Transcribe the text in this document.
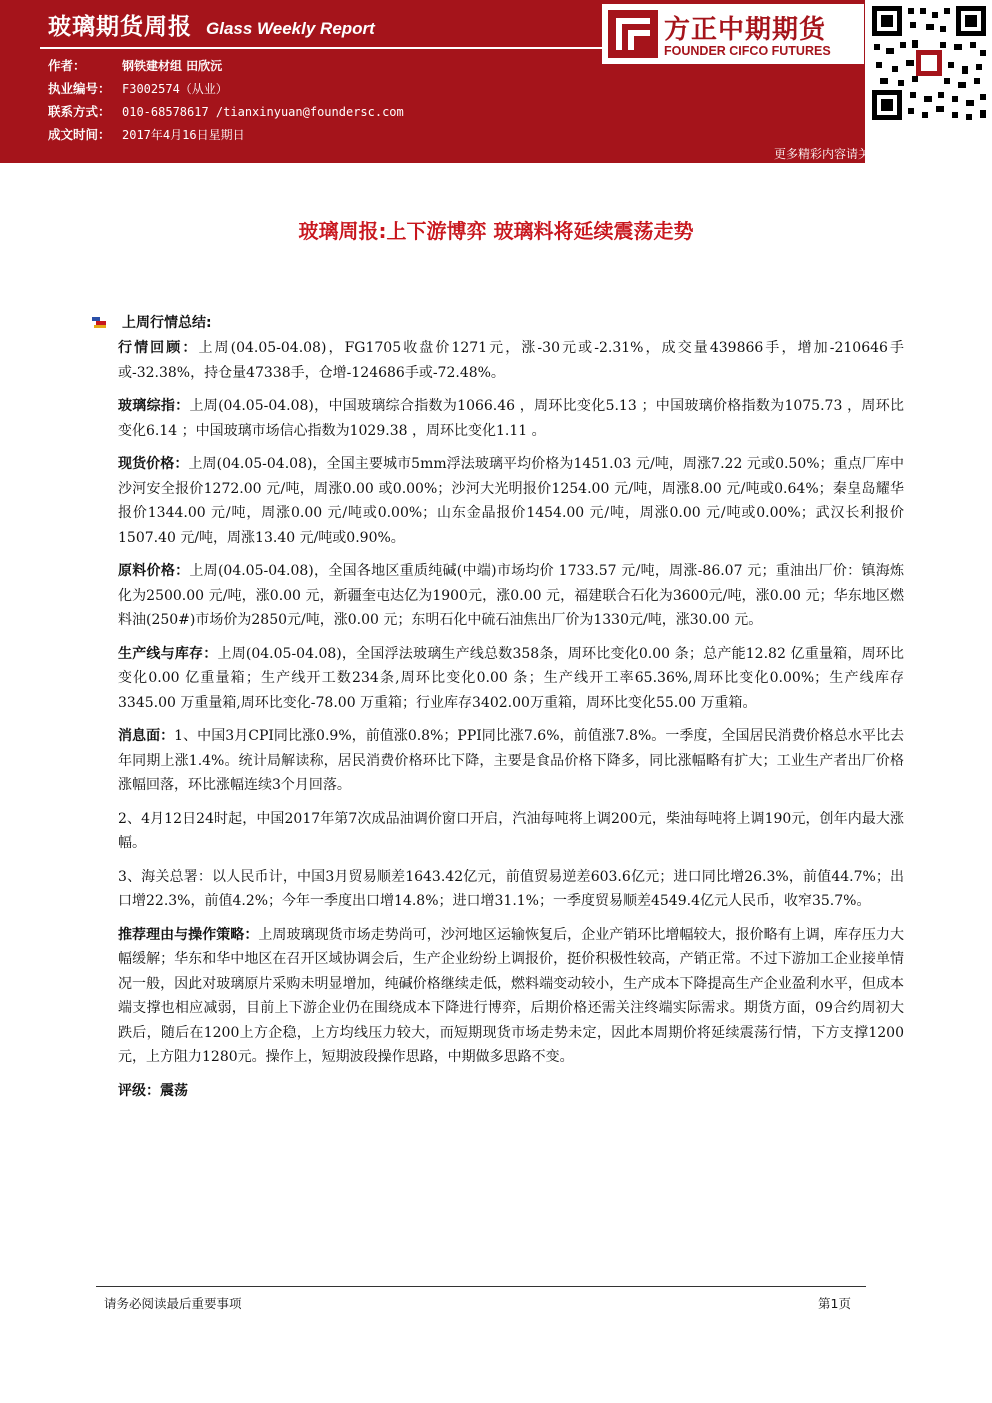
玻璃期货周报 Glass Weekly Report
作者：	钢铁建材组 田欣沅
执业编号： F3002574（从业）
联系方式： 010-68578617 /tianxinyuan@foundersc.com
成文时间： 2017年4月16日星期日
方正中期期货
FOUNDER CIFCO FUTURES
更多精彩内容请关注方正中期官方微信
玻璃周报:上下游博弈 玻璃料将延续震荡走势
上周行情总结:

行情回顾：上周(04.05-04.08)，FG1705收盘价1271元，涨-30元或-2.31%，成交量439866手，增加-210646手或-32.38%，持仓量47338手，仓增-124686手或-72.48%。

玻璃综指：上周(04.05-04.08)，中国玻璃综合指数为1066.46 ，周环比变化5.13 ；中国玻璃价格指数为1075.73 ，周环比变化6.14 ；中国玻璃市场信心指数为1029.38 ，周环比变化1.11 。

现货价格：上周(04.05-04.08)，全国主要城市5mm浮法玻璃平均价格为1451.03 元/吨，周涨7.22 元或0.50%；重点厂库中沙河安全报价1272.00 元/吨，周涨0.00 或0.00%；沙河大光明报价1254.00 元/吨，周涨8.00 元/吨或0.64%；秦皇岛耀华报价1344.00 元/吨，周涨0.00 元/吨或0.00%；山东金晶报价1454.00 元/吨，周涨0.00 元/吨或0.00%；武汉长利报价1507.40 元/吨，周涨13.40 元/吨或0.90%。

原料价格：上周(04.05-04.08)，全国各地区重质纯碱(中端)市场均价 1733.57 元/吨，周涨-86.07 元；重油出厂价：镇海炼化为2500.00 元/吨，涨0.00 元，新疆奎屯达亿为1900元，涨0.00 元，福建联合石化为3600元/吨，涨0.00 元；华东地区燃料油(250#)市场价为2850元/吨，涨0.00 元；东明石化中硫石油焦出厂价为1330元/吨，涨30.00 元。

生产线与库存：上周(04.05-04.08)，全国浮法玻璃生产线总数358条，周环比变化0.00 条；总产能12.82 亿重量箱，周环比变化0.00 亿重量箱；生产线开工数234条,周环比变化0.00 条；生产线开工率65.36%,周环比变化0.00%；生产线库存3345.00 万重量箱,周环比变化-78.00 万重箱；行业库存3402.00万重箱，周环比变化55.00 万重箱。

消息面：1、中国3月CPI同比涨0.9%，前值涨0.8%；PPI同比涨7.6%，前值涨7.8%。一季度，全国居民消费价格总水平比去年同期上涨1.4%。统计局解读称，居民消费价格环比下降，主要是食品价格下降多，同比涨幅略有扩大；工业生产者出厂价格涨幅回落，环比涨幅连续3个月回落。

2、4月12日24时起，中国2017年第7次成品油调价窗口开启，汽油每吨将上调200元，柴油每吨将上调190元，创年内最大涨幅。

3、海关总署：以人民币计，中国3月贸易顺差1643.42亿元，前值贸易逆差603.6亿元；进口同比增26.3%，前值44.7%；出口增22.3%，前值4.2%；今年一季度出口增14.8%；进口增31.1%；一季度贸易顺差4549.4亿元人民币，收窄35.7%。

推荐理由与操作策略：上周玻璃现货市场走势尚可，沙河地区运输恢复后，企业产销环比增幅较大，报价略有上调，库存压力大幅缓解；华东和华中地区在召开区域协调会后，生产企业纷纷上调报价，挺价积极性较高，产销正常。不过下游加工企业接单情况一般，因此对玻璃原片采购未明显增加，纯碱价格继续走低，燃料端变动较小，生产成本下降提高生产企业盈利水平，但成本端支撑也相应减弱，目前上下游企业仍在围绕成本下降进行博弈，后期价格还需关注终端实际需求。期货方面，09合约周初大跌后，随后在1200上方企稳，上方均线压力较大，而短期现货市场走势未定，因此本周期价将延续震荡行情，下方支撑1200元，上方阻力1280元。操作上，短期波段操作思路，中期做多思路不变。

评级：震荡

请务必阅读最后重要事项	第1页
